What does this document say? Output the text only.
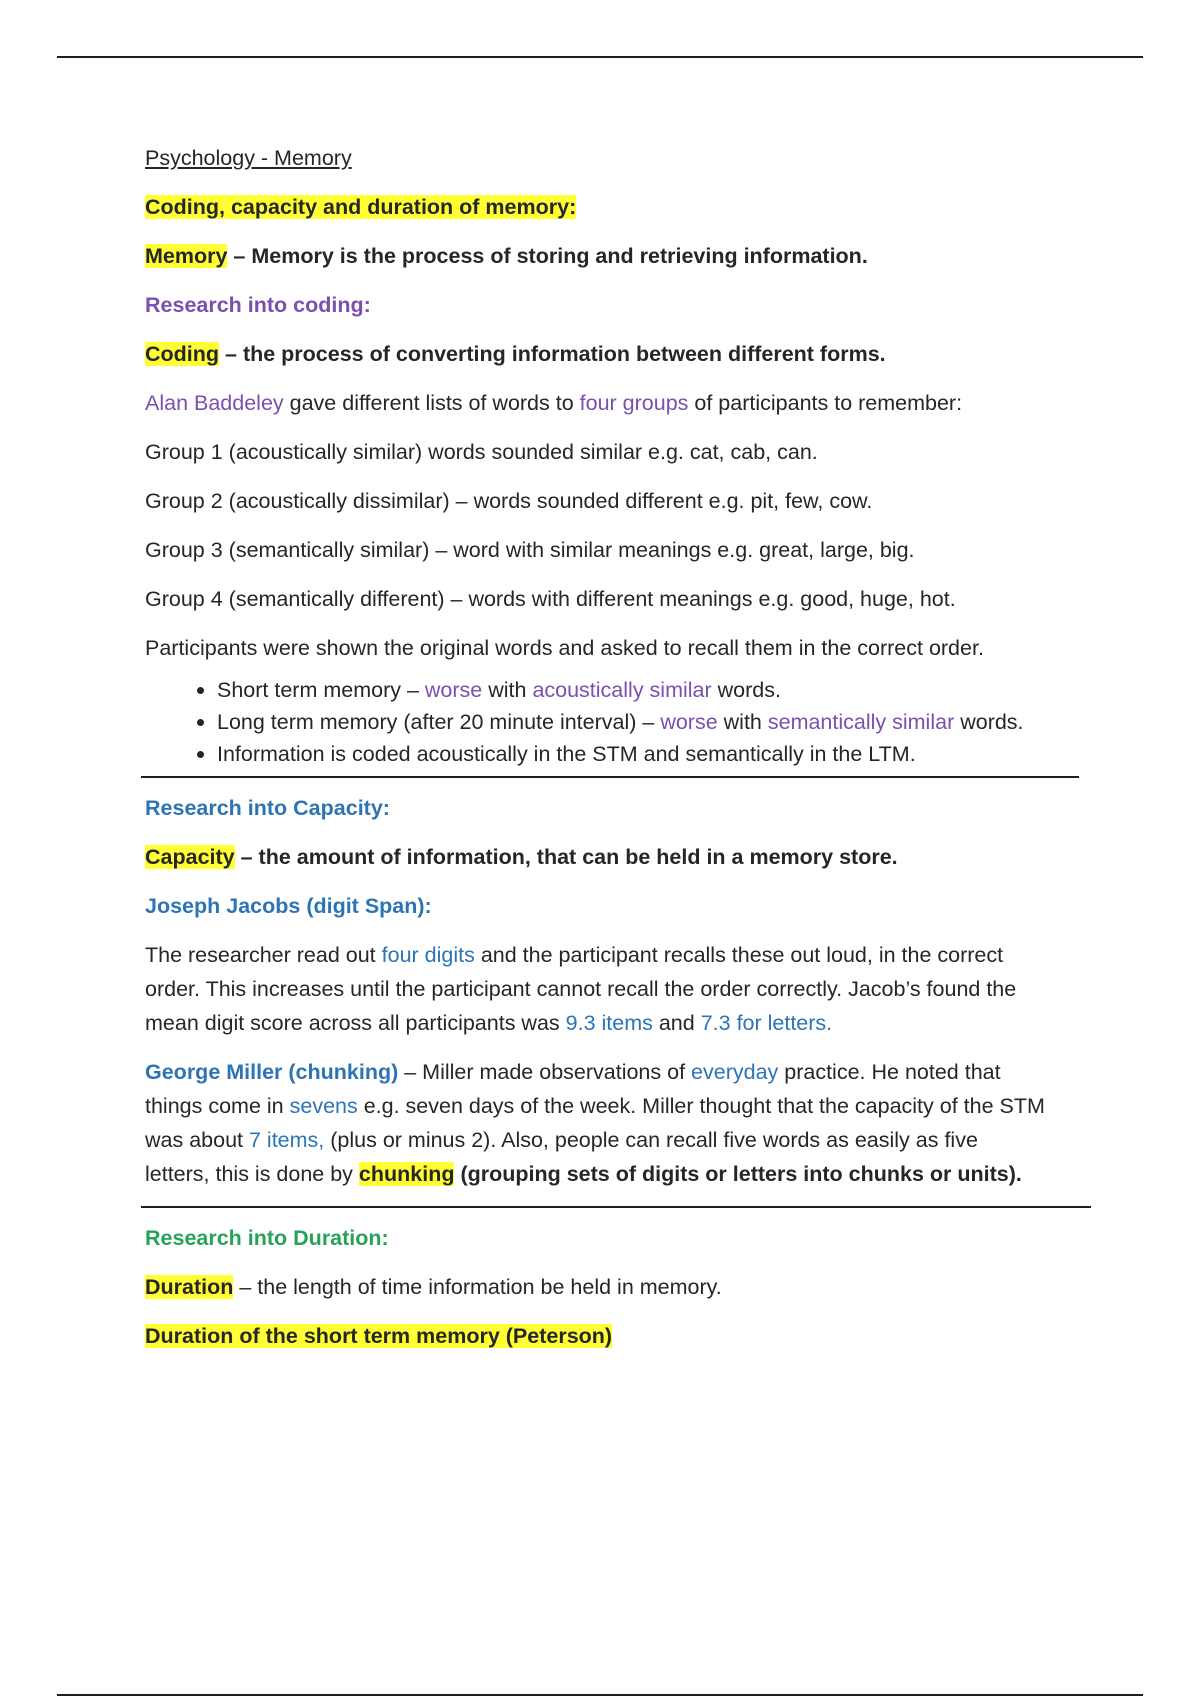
Psychology - Memory

Coding, capacity and duration of memory:

Memory – Memory is the process of storing and retrieving information.

Research into coding:

Coding – the process of converting information between different forms.

Alan Baddeley gave different lists of words to four groups of participants to remember:

Group 1 (acoustically similar) words sounded similar e.g. cat, cab, can.

Group 2 (acoustically dissimilar) – words sounded different e.g. pit, few, cow.

Group 3 (semantically similar) – word with similar meanings e.g. great, large, big.

Group 4 (semantically different) – words with different meanings e.g. good, huge, hot.

Participants were shown the original words and asked to recall them in the correct order.

• Short term memory – worse with acoustically similar words.
• Long term memory (after 20 minute interval) – worse with semantically similar words.
• Information is coded acoustically in the STM and semantically in the LTM.

Research into Capacity:

Capacity – the amount of information, that can be held in a memory store.

Joseph Jacobs (digit Span):

The researcher read out four digits and the participant recalls these out loud, in the correct order. This increases until the participant cannot recall the order correctly. Jacob’s found the mean digit score across all participants was 9.3 items and 7.3 for letters.

George Miller (chunking) – Miller made observations of everyday practice. He noted that things come in sevens e.g. seven days of the week. Miller thought that the capacity of the STM was about 7 items, (plus or minus 2). Also, people can recall five words as easily as five letters, this is done by chunking (grouping sets of digits or letters into chunks or units).

Research into Duration:

Duration – the length of time information be held in memory.

Duration of the short term memory (Peterson)
